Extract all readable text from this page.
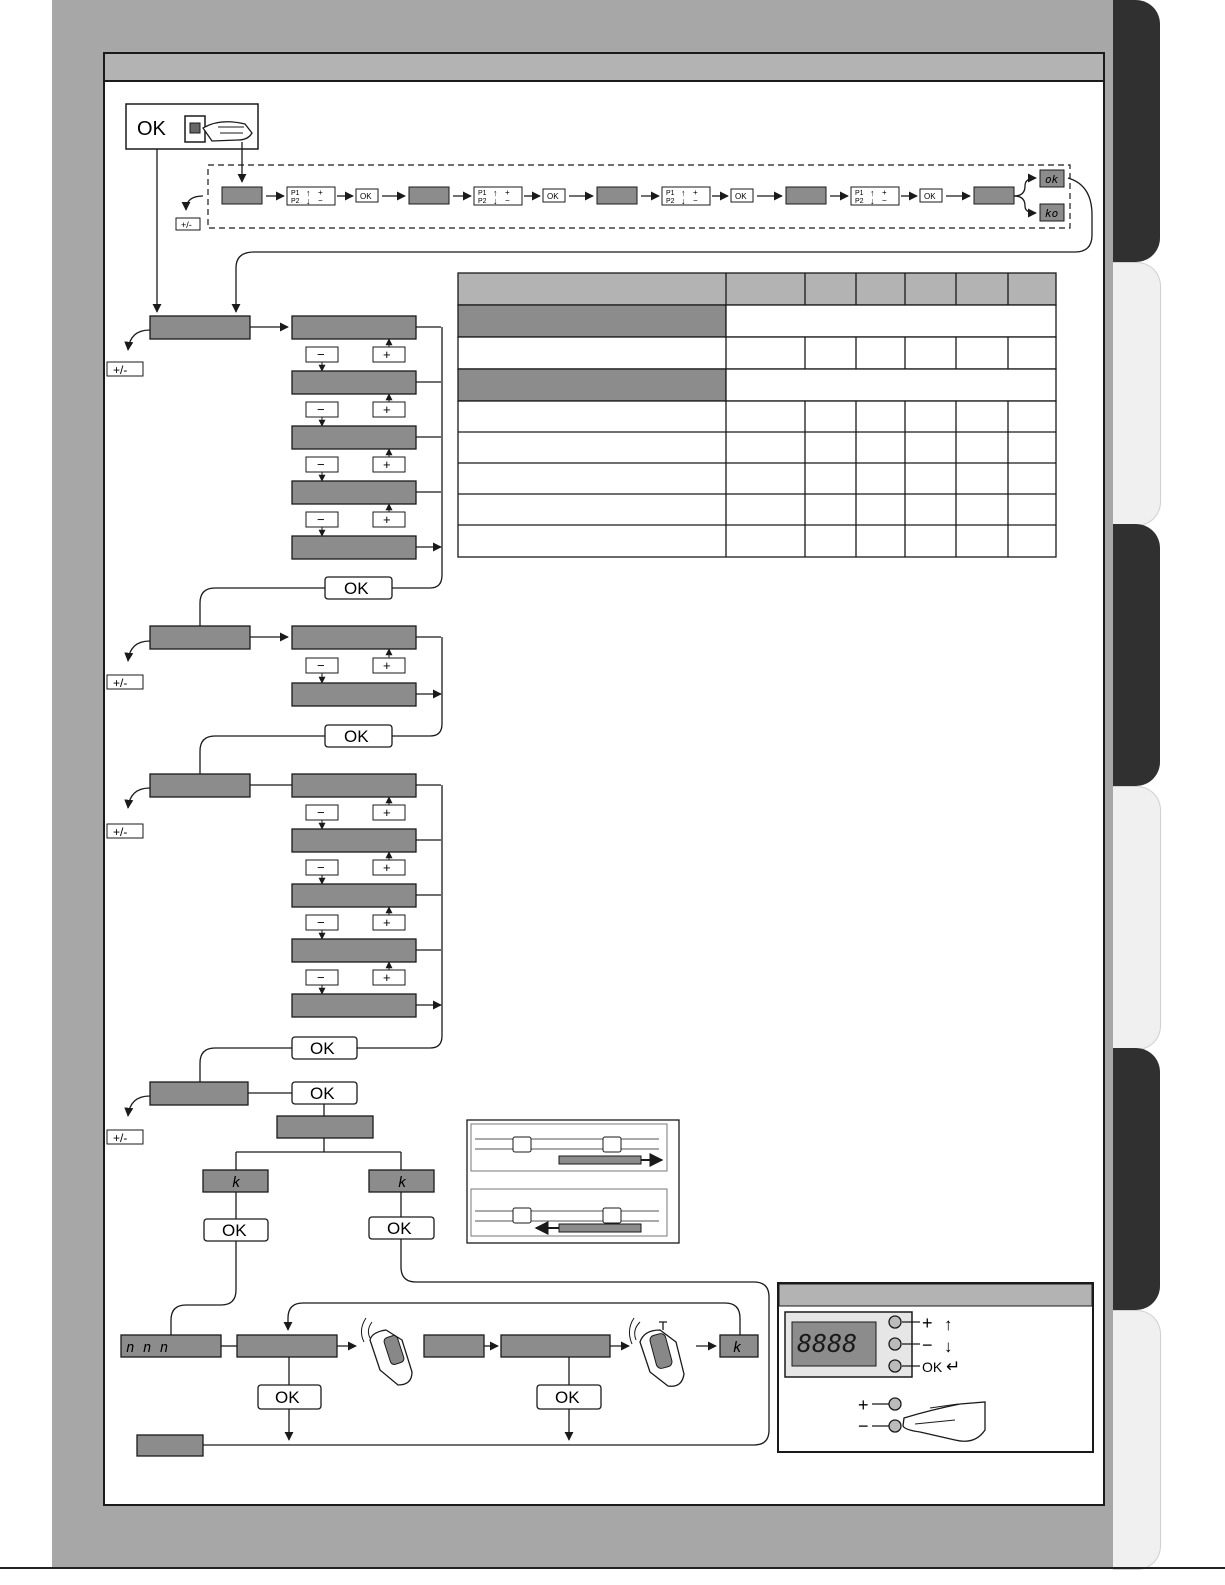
OK
+/-
P1
P2
↑
↓
+
−	OK	P1
P2
↑
↓
+
−	OK	P1
P2
↑
↓
+
−	OK	P1
P2
↑
↓
+
−	OK
ok
ko
+/-
−	+
−	+
−	+
−	+
OK
+/-
−	+
OK
+/-
−	+
−	+
−	+
−	+
OK
+/-
OK
k
OK
k
OK
n n n	k
OK	OK
8888
+ ↑
− ↓
OK ↵
+
−
